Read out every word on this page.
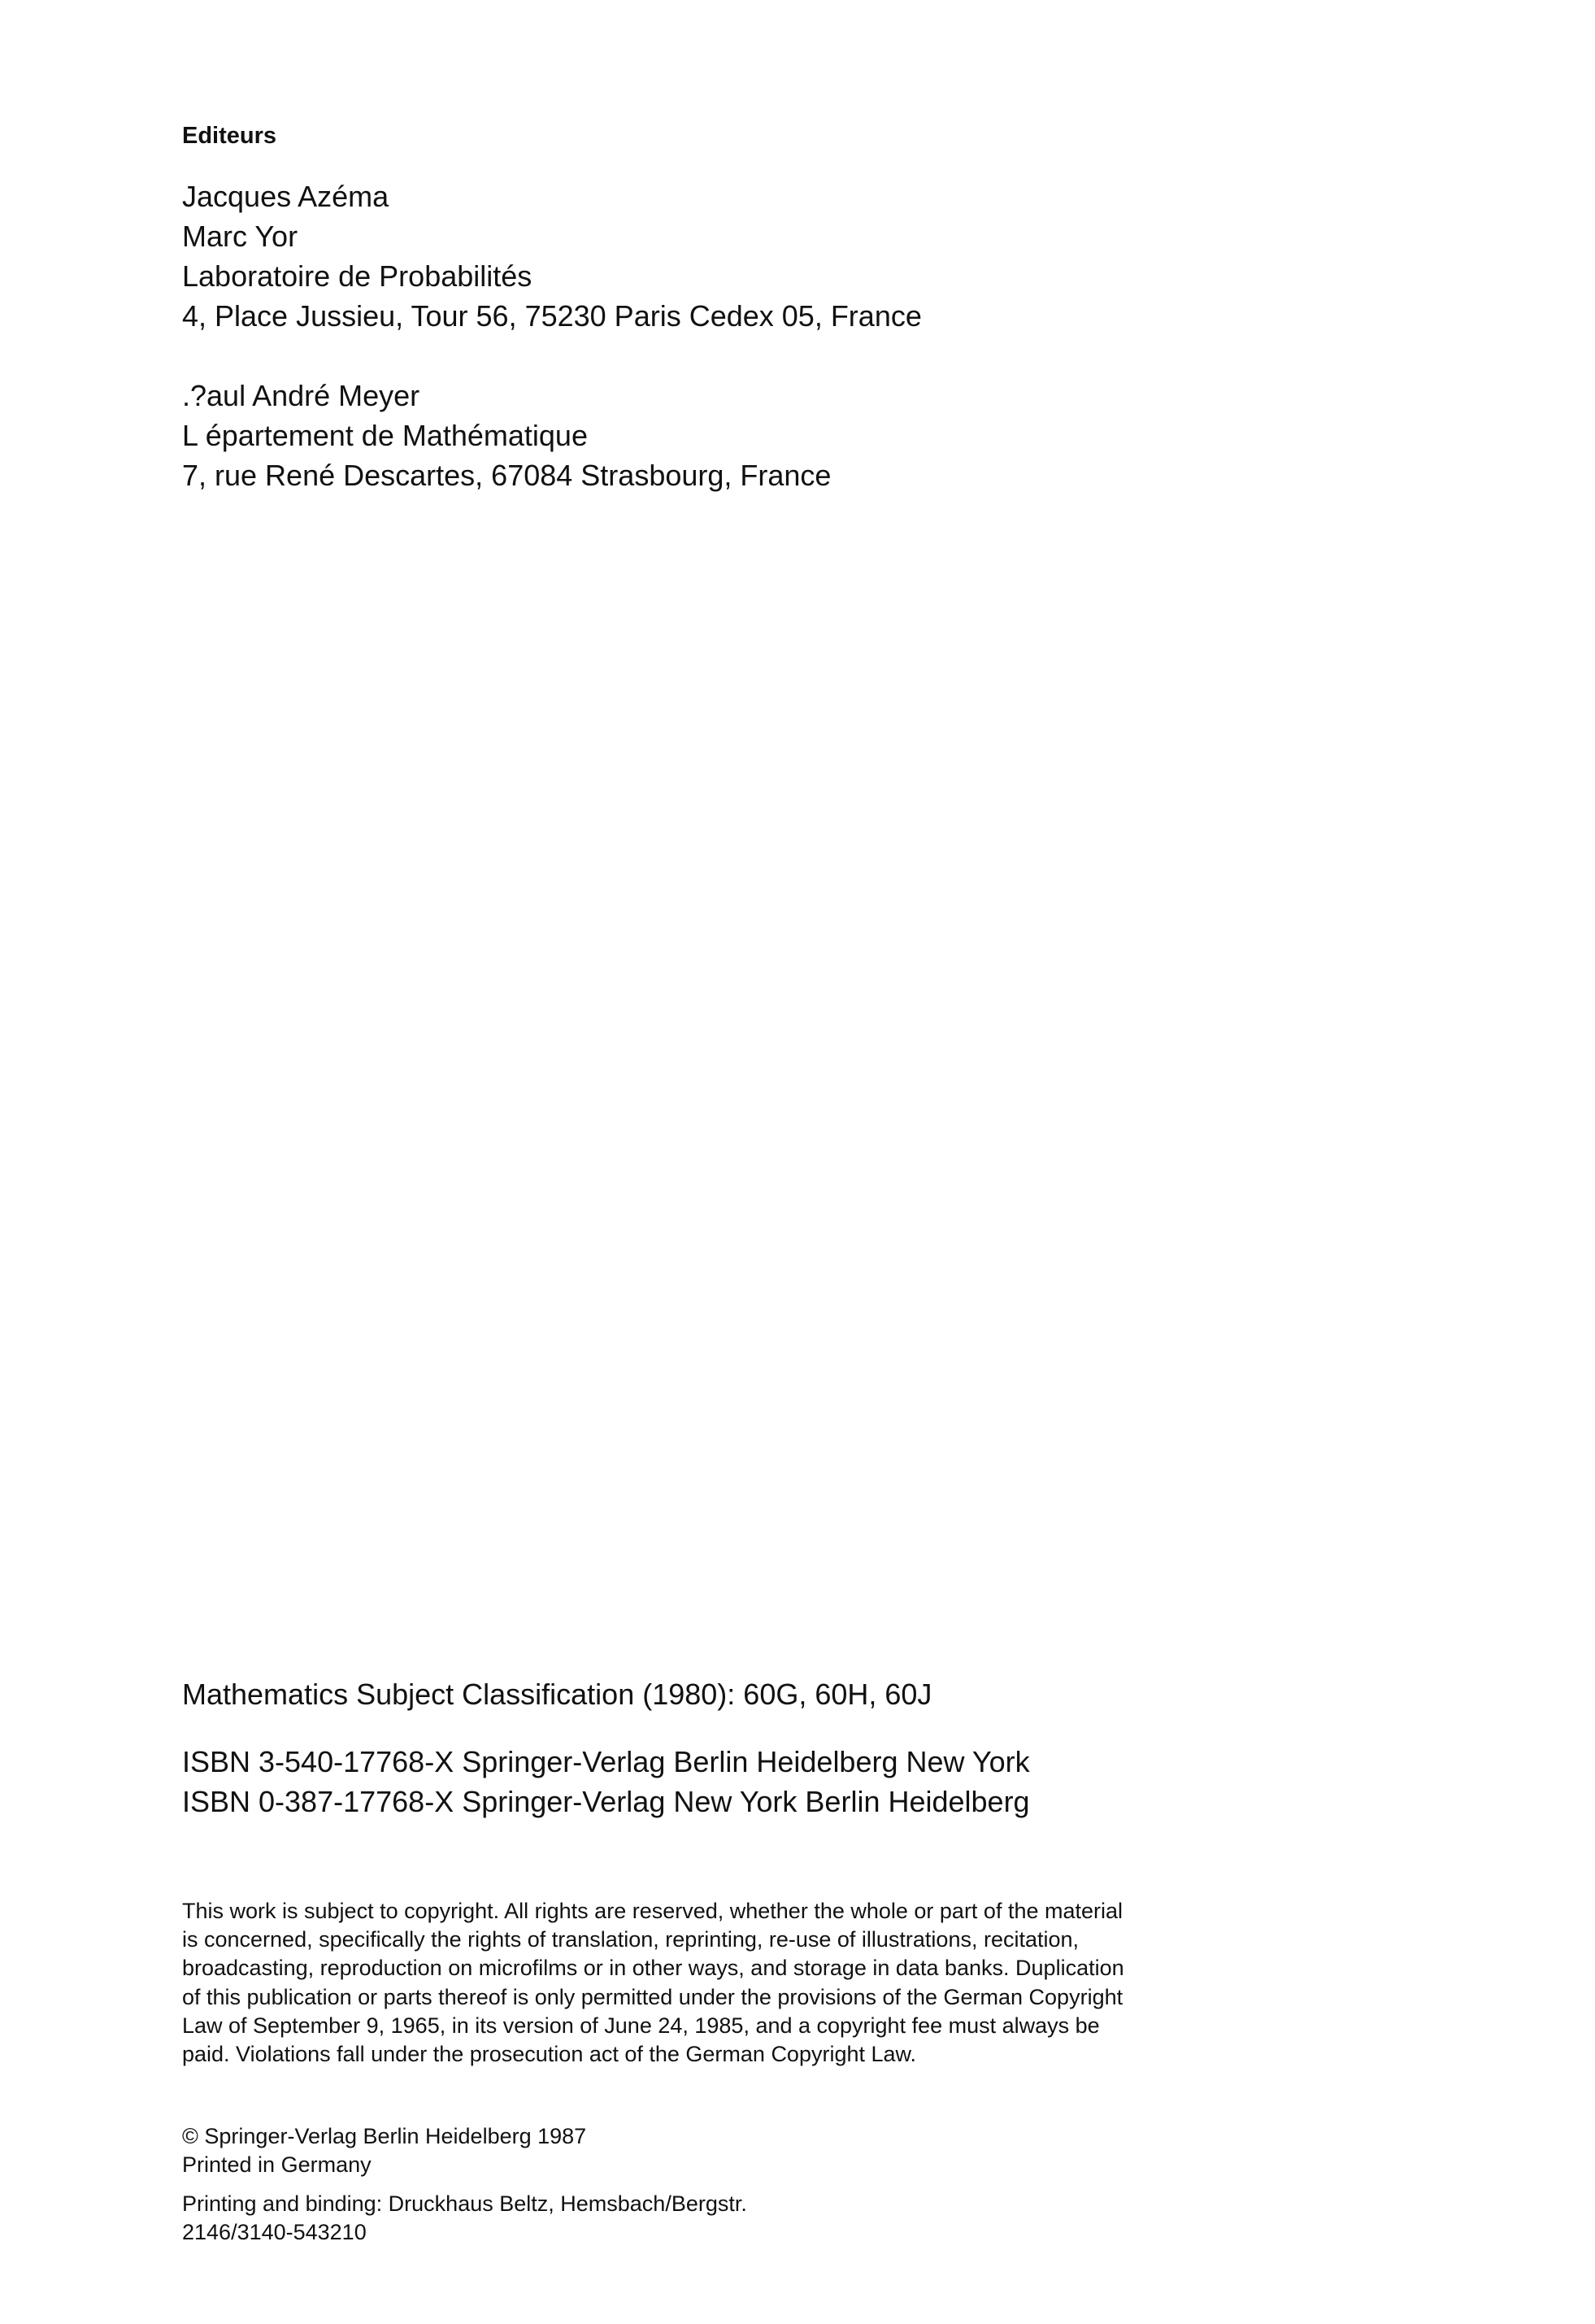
Editeurs
Jacques Azéma
Marc Yor
Laboratoire de Probabilités
4, Place Jussieu, Tour 56, 75230 Paris Cedex 05, France
.?aul André Meyer
L épartement de Mathématique
7, rue René Descartes, 67084 Strasbourg, France
Mathematics Subject Classification (1980): 60G, 60H, 60J
ISBN 3-540-17768-X Springer-Verlag Berlin Heidelberg New York
ISBN 0-387-17768-X Springer-Verlag New York Berlin Heidelberg
This work is subject to copyright. All rights are reserved, whether the whole or part of the material
is concerned, specifically the rights of translation, reprinting, re-use of illustrations, recitation,
broadcasting, reproduction on microfilms or in other ways, and storage in data banks. Duplication
of this publication or parts thereof is only permitted under the provisions of the German Copyright
Law of September 9, 1965, in its version of June 24, 1985, and a copyright fee must always be
paid. Violations fall under the prosecution act of the German Copyright Law.
© Springer-Verlag Berlin Heidelberg 1987
Printed in Germany
Printing and binding: Druckhaus Beltz, Hemsbach/Bergstr.
2146/3140-543210
